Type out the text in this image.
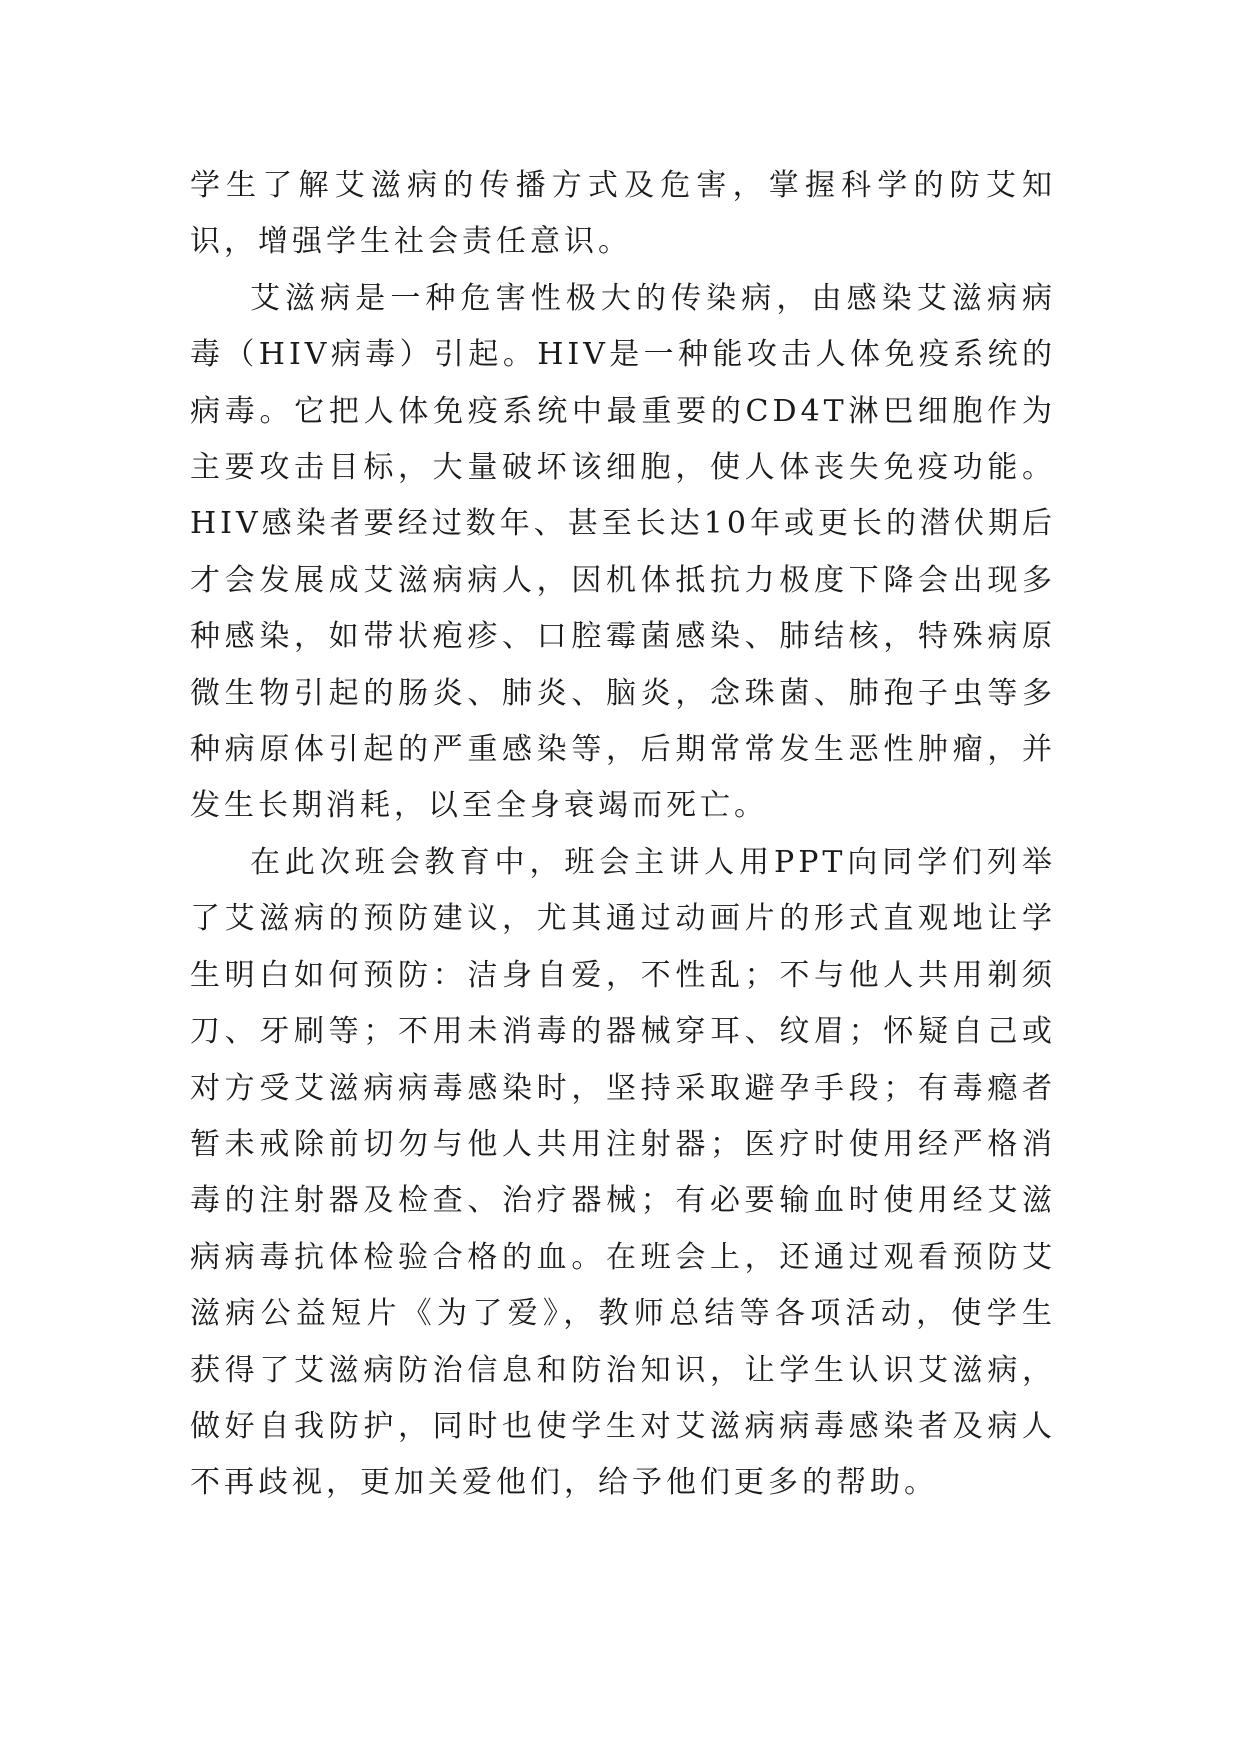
学生了解艾滋病的传播方式及危害，掌握科学的防艾知识，增强学生社会责任意识。

艾滋病是一种危害性极大的传染病，由感染艾滋病病毒（HIV病毒）引起。HIV是一种能攻击人体免疫系统的病毒。它把人体免疫系统中最重要的CD4T淋巴细胞作为主要攻击目标，大量破坏该细胞，使人体丧失免疫功能。HIV感染者要经过数年、甚至长达10年或更长的潜伏期后才会发展成艾滋病病人，因机体抵抗力极度下降会出现多种感染，如带状疱疹、口腔霉菌感染、肺结核，特殊病原微生物引起的肠炎、肺炎、脑炎，念珠菌、肺孢子虫等多种病原体引起的严重感染等，后期常常发生恶性肿瘤，并发生长期消耗，以至全身衰竭而死亡。

在此次班会教育中，班会主讲人用PPT向同学们列举了艾滋病的预防建议，尤其通过动画片的形式直观地让学生明白如何预防：洁身自爱，不性乱；不与他人共用剃须刀、牙刷等；不用未消毒的器械穿耳、纹眉；怀疑自己或对方受艾滋病病毒感染时，坚持采取避孕手段；有毒瘾者暂未戒除前切勿与他人共用注射器；医疗时使用经严格消毒的注射器及检查、治疗器械；有必要输血时使用经艾滋病病毒抗体检验合格的血。在班会上，还通过观看预防艾滋病公益短片《为了爱》，教师总结等各项活动，使学生获得了艾滋病防治信息和防治知识，让学生认识艾滋病，做好自我防护，同时也使学生对艾滋病病毒感染者及病人不再歧视，更加关爱他们，给予他们更多的帮助。
